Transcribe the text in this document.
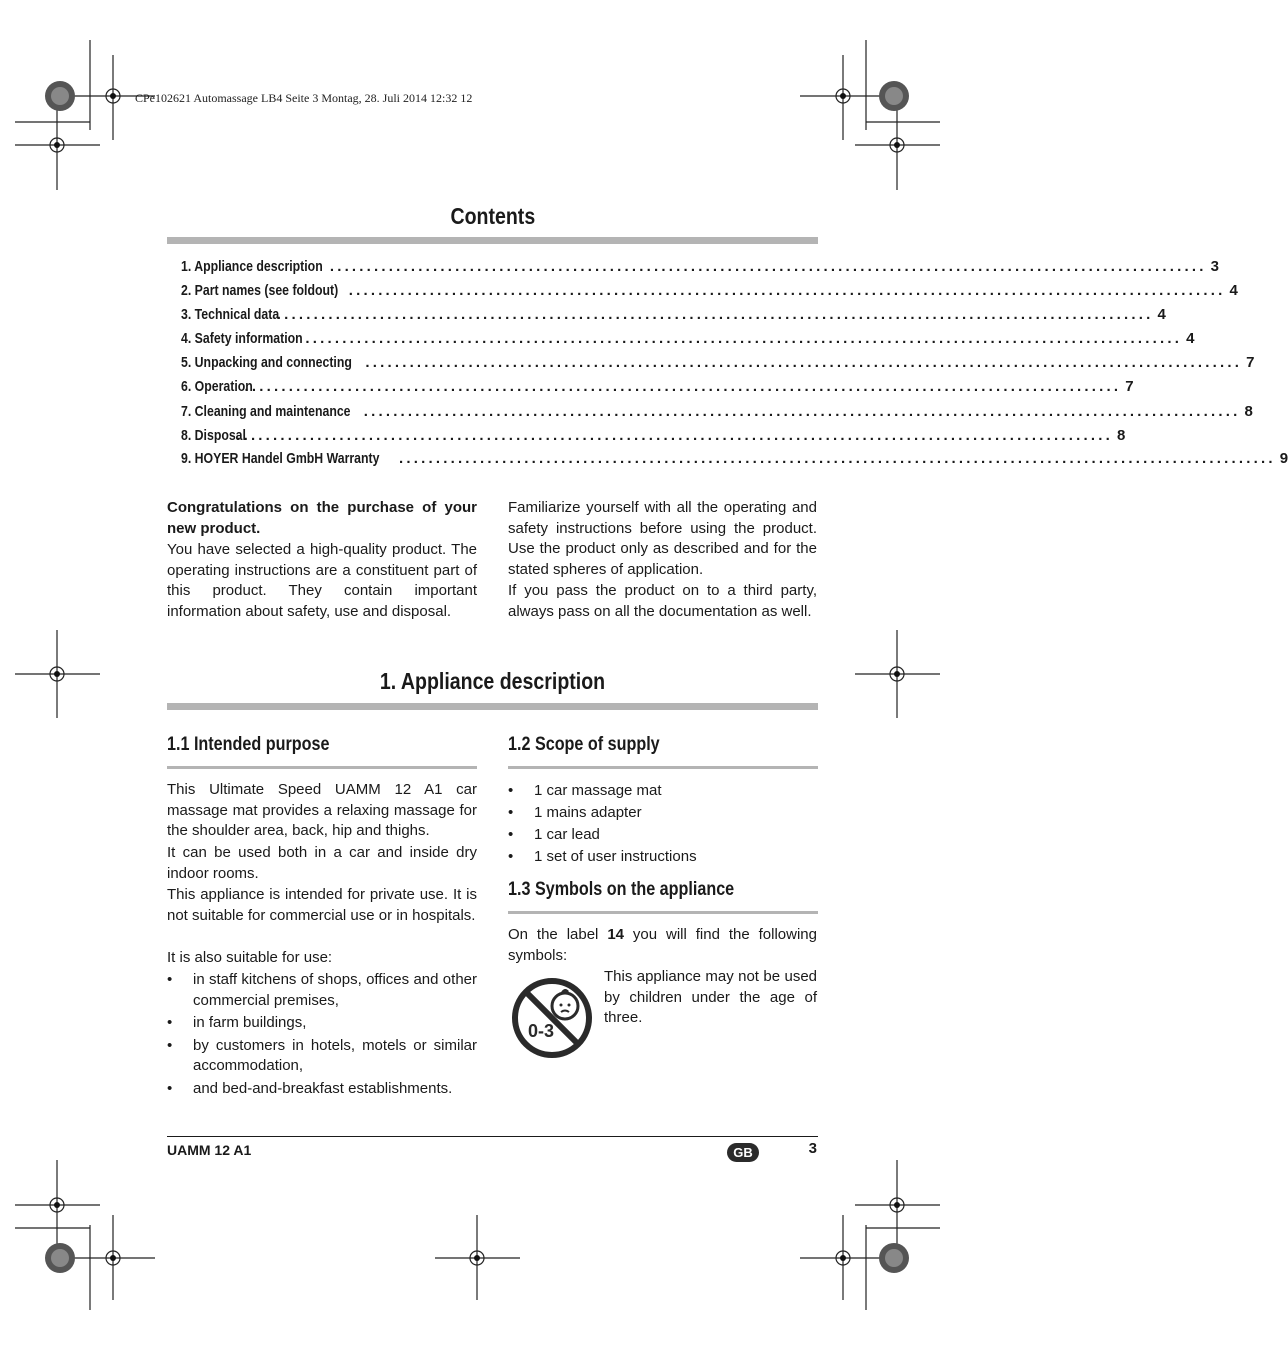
CPe102621 Automassage LB4 Seite 3 Montag, 28. Juli 2014 12:32 12
Contents
1. Appliance description ....................................................................................................................... 3
2. Part names (see foldout) ....................................................................................................................... 4
3. Technical data
....................................................................................................................... 4
4. Safety information ....................................................................................................................... 4
5. Unpacking and connecting ....................................................................................................................... 7
6. Operation
....................................................................................................................... 7
7. Cleaning and maintenance ....................................................................................................................... 8
8. Disposal
....................................................................................................................... 8
9. HOYER Handel GmbH Warranty ....................................................................................................................... 9

Congratulations on the purchase of your new product.

You have selected a high-quality product. The operating instructions are a constituent part of this product. They contain important information about safety, use and disposal.

Familiarize yourself with all the operating and safety instructions before using the product. Use the product only as described and for the stated spheres of application.

If you pass the product on to a third party, always pass on all the documentation as well.

1. Appliance description
1.1 Intended purpose

This Ultimate Speed UAMM 12 A1 car massage mat provides a relaxing massage for the shoulder area, back, hip and thighs.

It can be used both in a car and inside dry indoor rooms.

This appliance is intended for private use. It is not suitable for commercial use or in hospitals.

It is also suitable for use:

• in staff kitchens of shops, offices and other commercial premises,
• in farm buildings,
• by customers in hotels, motels or similar accommodation,
• and bed-and-breakfast establishments.
1.2 Scope of supply
• 1 car massage mat
• 1 mains adapter
• 1 car lead
• 1 set of user instructions
1.3 Symbols on the appliance

On the label 14 you will find the following symbols:

0-3

This appliance may not be used by children under the age of three.

UAMM 12 A1	GB	3
